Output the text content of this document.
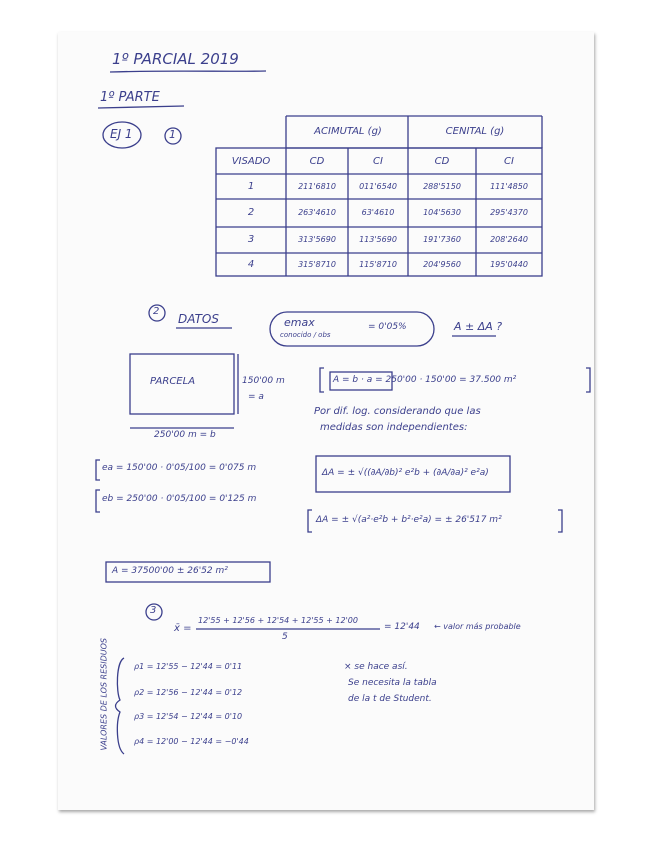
1º PARCIAL 2019
1º PARTE
EJ 1	1	ACIMUTAL (g)	CENITAL (g)
VISADO	CD	CI	CD	CI
1	211'6810	011'6540	288'5150	111'4850
2	263'4610	63'4610	104'5630	295'4370
3	313'5690	113'5690	191'7360	208'2640
4	315'8710	115'8710	204'9560	195'0440
2
DATOS	emax
conocido / obs
= 0'05%	A ± ΔA ?
PARCELA	150'00 m
= a
250'00 m = b
A = b · a = 250'00 · 150'00 = 37.500 m²
Por dif. log. considerando que las
medidas son independientes:
ea = 150'00 · 0'05/100 = 0'075 m
eb = 250'00 · 0'05/100 = 0'125 m
ΔA = ± √((∂A/∂b)² e²b + (∂A/∂a)² e²a)
ΔA = ± √(a²·e²b + b²·e²a) = ± 26'517 m²
A = 37500'00 ± 26'52 m²
3
x̄ =
12'55 + 12'56 + 12'54 + 12'55 + 12'00
5
= 12'44 ← valor más probable
VALORES DE LOS RESIDUOS	ρ1 = 12'55 − 12'44 = 0'11
ρ2 = 12'56 − 12'44 = 0'12
ρ3 = 12'54 − 12'44 = 0'10
ρ4 = 12'00 − 12'44 = −0'44
× se hace así.
Se necesita la tabla
de la t de Student.
